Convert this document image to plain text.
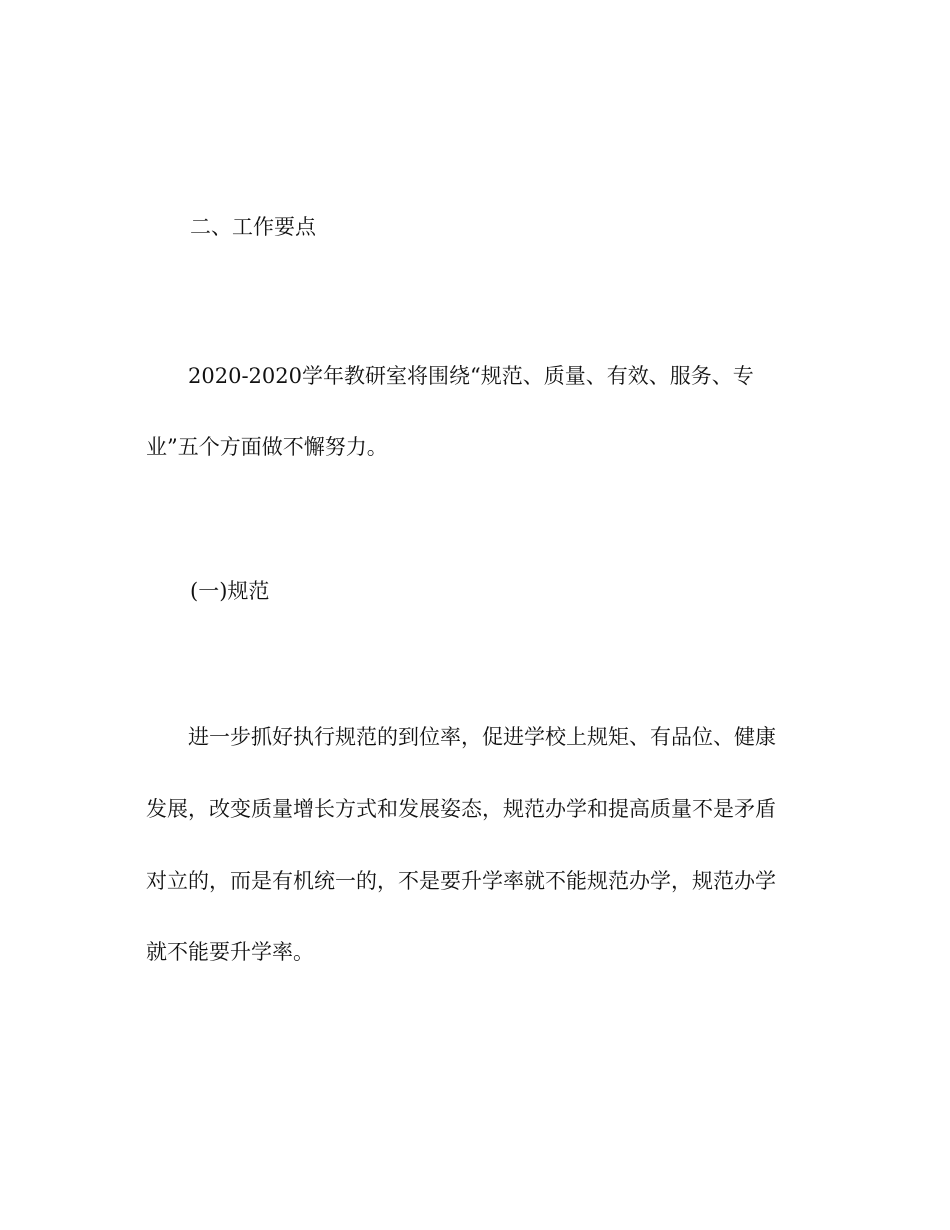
二、工作要点

2020-2020学年教研室将围绕“规范、质量、有效、服务、专

业”五个方面做不懈努力。

(一)规范

进一步抓好执行规范的到位率，促进学校上规矩、有品位、健康

发展，改变质量增长方式和发展姿态，规范办学和提高质量不是矛盾

对立的，而是有机统一的，不是要升学率就不能规范办学，规范办学

就不能要升学率。
